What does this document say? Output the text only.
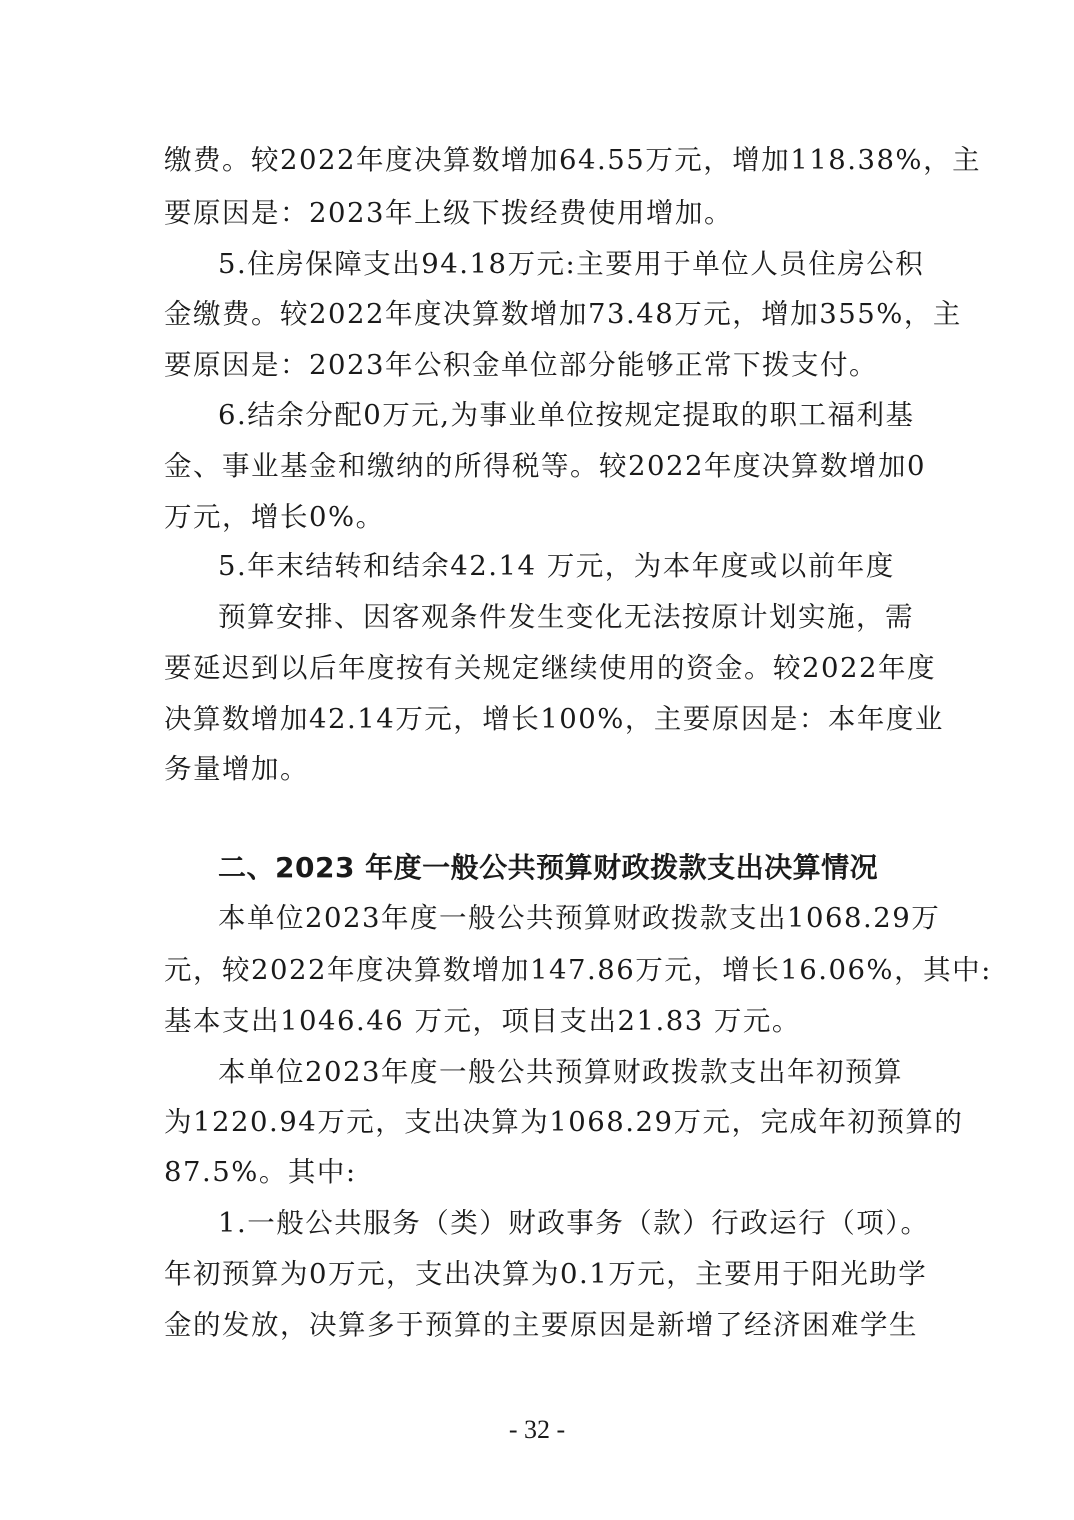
缴费。较2022年度决算数增加64.55万元，增加118.38%，主
要原因是：2023年上级下拨经费使用增加。
5.住房保障支出94.18万元:主要用于单位人员住房公积
金缴费。较2022年度决算数增加73.48万元，增加355%，主
要原因是：2023年公积金单位部分能够正常下拨支付。
6.结余分配0万元,为事业单位按规定提取的职工福利基
金、事业基金和缴纳的所得税等。较2022年度决算数增加0
万元，增长0%。
5.年末结转和结余42.14 万元，为本年度或以前年度
预算安排、因客观条件发生变化无法按原计划实施，需
要延迟到以后年度按有关规定继续使用的资金。较2022年度
决算数增加42.14万元，增长100%，主要原因是：本年度业
务量增加。
二、2023 年度一般公共预算财政拨款支出决算情况
本单位2023年度一般公共预算财政拨款支出1068.29万
元，较2022年度决算数增加147.86万元，增长16.06%，其中:
基本支出1046.46 万元，项目支出21.83 万元。
本单位2023年度一般公共预算财政拨款支出年初预算
为1220.94万元，支出决算为1068.29万元，完成年初预算的
87.5%。其中:
1.一般公共服务（类）财政事务（款）行政运行（项）。
年初预算为0万元，支出决算为0.1万元，主要用于阳光助学
金的发放，决算多于预算的主要原因是新增了经济困难学生
- 32 -
